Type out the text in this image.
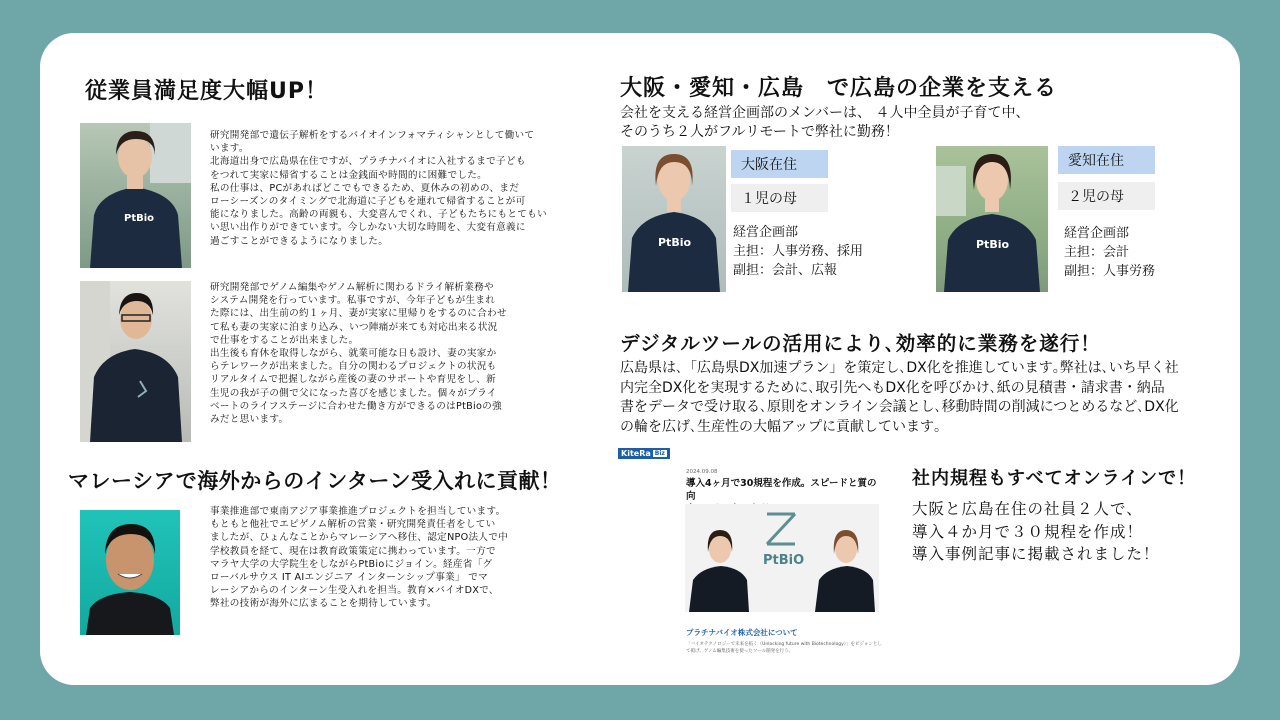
従業員満足度大幅UP！
PtBio
研究開発部で遺伝子解析をするバイオインフォマティシャンとして働いて
います。
北海道出身で広島県在住ですが、プラチナバイオに入社するまで子ども
をつれて実家に帰省することは金銭面や時間的に困難でした。
私の仕事は、PCがあればどこでもできるため、夏休みの初めの、まだ
ローシーズンのタイミングで北海道に子どもを連れて帰省することが可
能になりました。高齢の両親も、大変喜んでくれ、子どもたちにもとてもい
い思い出作りができています。今しかない大切な時間を、大変有意義に
過ごすことができるようになりました。
研究開発部でゲノム編集やゲノム解析に関わるドライ解析業務や
システム開発を行っています。私事ですが、今年子どもが生まれ
た際には、出生前の約１ヶ月、妻が実家に里帰りをするのに合わせ
て私も妻の実家に泊まり込み、いつ陣痛が来ても対応出来る状況
で仕事をすることが出来ました。
出生後も育休を取得しながら、就業可能な日も設け、妻の実家か
らテレワークが出来ました。自分の関わるプロジェクトの状況も
リアルタイムで把握しながら産後の妻のサポートや育児をし、新
生児の我が子の側で父になった喜びを感じました。個々がプライ
ベートのライフステージに合わせた働き方ができるのはPtBioの強
みだと思います。
マレーシアで海外からのインターン受入れに貢献！
事業推進部で東南アジア事業推進プロジェクトを担当しています。
もともと他社でエピゲノム解析の営業・研究開発責任者をしてい
ましたが、ひょんなことからマレーシアへ移住、認定NPO法人で中
学校教員を経て、現在は教育政策策定に携わっています。一方で
マラヤ大学の大学院生をしながらPtBioにジョイン。経産省「グ
ローバルサウス IT AIエンジニア インターンシップ事業」 でマ
レーシアからのインターン生受入れを担当。教育×バイオDXで、
弊社の技術が海外に広まることを期待しています。
大阪・愛知・広島　で広島の企業を支える
会社を支える経営企画部のメンバーは、 ４人中全員が子育て中、
そのうち２人がフルリモートで弊社に勤務！
PtBio
大阪在住
１児の母
経営企画部
主担：人事労務、採用
副担：会計、広報
PtBio
愛知在住
２児の母
経営企画部
主担：会計
副担：人事労務
デジタルツールの活用により､効率的に業務を遂行！
広島県は､「広島県DX加速プラン」を策定し､DX化を推進しています｡弊社は､いち早く社
内完全DX化を実現するために､取引先へもDX化を呼びかけ､紙の見積書・請求書・納品
書をデータで受け取る､原則をオンライン会議とし､移動時間の削減につとめるなど､DX化
の輪を広げ､生産性の大幅アップに貢献しています｡
KiteRa Biz
2024.09.08
導入4ヶ月で30規程を作成。スピードと質の向
PtBiO
プラチナバイオ株式会社について
「バイオテクノロジーで未来を拓く（Unlocking future with Biotechnology）」をビジョンとし
て掲げ、ゲノム編集技術を使ったツール開発を行う。
社内規程もすべてオンラインで！
大阪と広島在住の社員２人で、
導入４か月で３０規程を作成！
導入事例記事に掲載されました！
